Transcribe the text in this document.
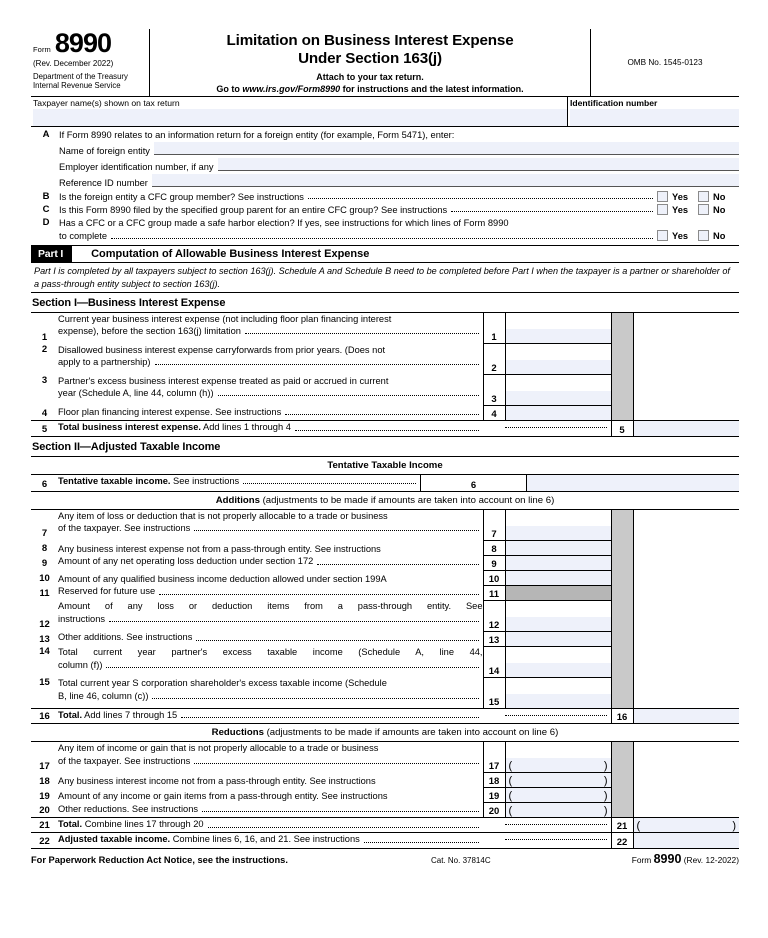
Form 8990
(Rev. December 2022)
Department of the Treasury
Internal Revenue Service
Limitation on Business Interest Expense
Under Section 163(j)
Attach to your tax return.
Go to www.irs.gov/Form8990 for instructions and the latest information.
OMB No. 1545-0123
Taxpayer name(s) shown on tax return	Identification number
A	If Form 8990 relates to an information return for a foreign entity (for example, Form 5471), enter:
Name of foreign entity
Employer identification number, if any
Reference ID number
B	Is the foreign entity a CFC group member? See instructions	Yes	No
C	Is this Form 8990 filed by the specified group parent for an entire CFC group? See instructions	Yes	No
D	Has a CFC or a CFC group made a safe harbor election? If yes, see instructions for which lines of Form 8990
to complete	Yes	No
Part I	Computation of Allowable Business Interest Expense
Part I is completed by all taxpayers subject to section 163(j). Schedule A and Schedule B need to be completed before Part I when the taxpayer is a partner or shareholder of a pass-through entity subject to section 163(j).
Section I—Business Interest Expense
1	Current year business interest expense (not including floor plan financing interest
expense), before the section 163(j) limitation	1	

2	Disallowed business interest expense carryforwards from prior years. (Does not
apply to a partnership)	2	

3	Partner's excess business interest expense treated as paid or accrued in current
year (Schedule A, line 44, column (h))	3	

4	Floor plan financing interest expense. See instructions	4			
5	Total business interest expense. Add lines 1 through 4			5	
Section II—Adjusted Taxable Income
Tentative Taxable Income
6	Tentative taxable income. See instructions	6	
Additions (adjustments to be made if amounts are taken into account on line 6)
7	Any item of loss or deduction that is not properly allocable to a trade or business
of the taxpayer. See instructions	7	

8	Any business interest expense not from a pass-through entity. See instructions	8			
9	Amount of any net operating loss deduction under section 172	9			
10	Amount of any qualified business income deduction allowed under section 199A	10			
11	Reserved for future use	11			
12	Amount of any loss or deduction items from a pass-through entity. See
instructions	12	

13	Other additions. See instructions	13			
14	Total current year partner's excess taxable income (Schedule A, line 44,
column (f))	14	

15	Total current year S corporation shareholder's excess taxable income (Schedule
B, line 46, column (c))	15	

16	Total. Add lines 7 through 15			16	
Reductions (adjustments to be made if amounts are taken into account on line 6)
17	Any item of income or gain that is not properly allocable to a trade or business
of the taxpayer. See instructions	17	(
)		
18	Any business interest income not from a pass-through entity. See instructions	18	( )		
19	Amount of any income or gain items from a pass-through entity. See instructions	19	( )		
20	Other reductions. See instructions	20	( )		
21	Total. Combine lines 17 through 20			21	( )
22	Adjusted taxable income. Combine lines 6, 16, and 21. See instructions			22	
For Paperwork Reduction Act Notice, see the instructions.	Cat. No. 37814C	Form 8990 (Rev. 12-2022)
